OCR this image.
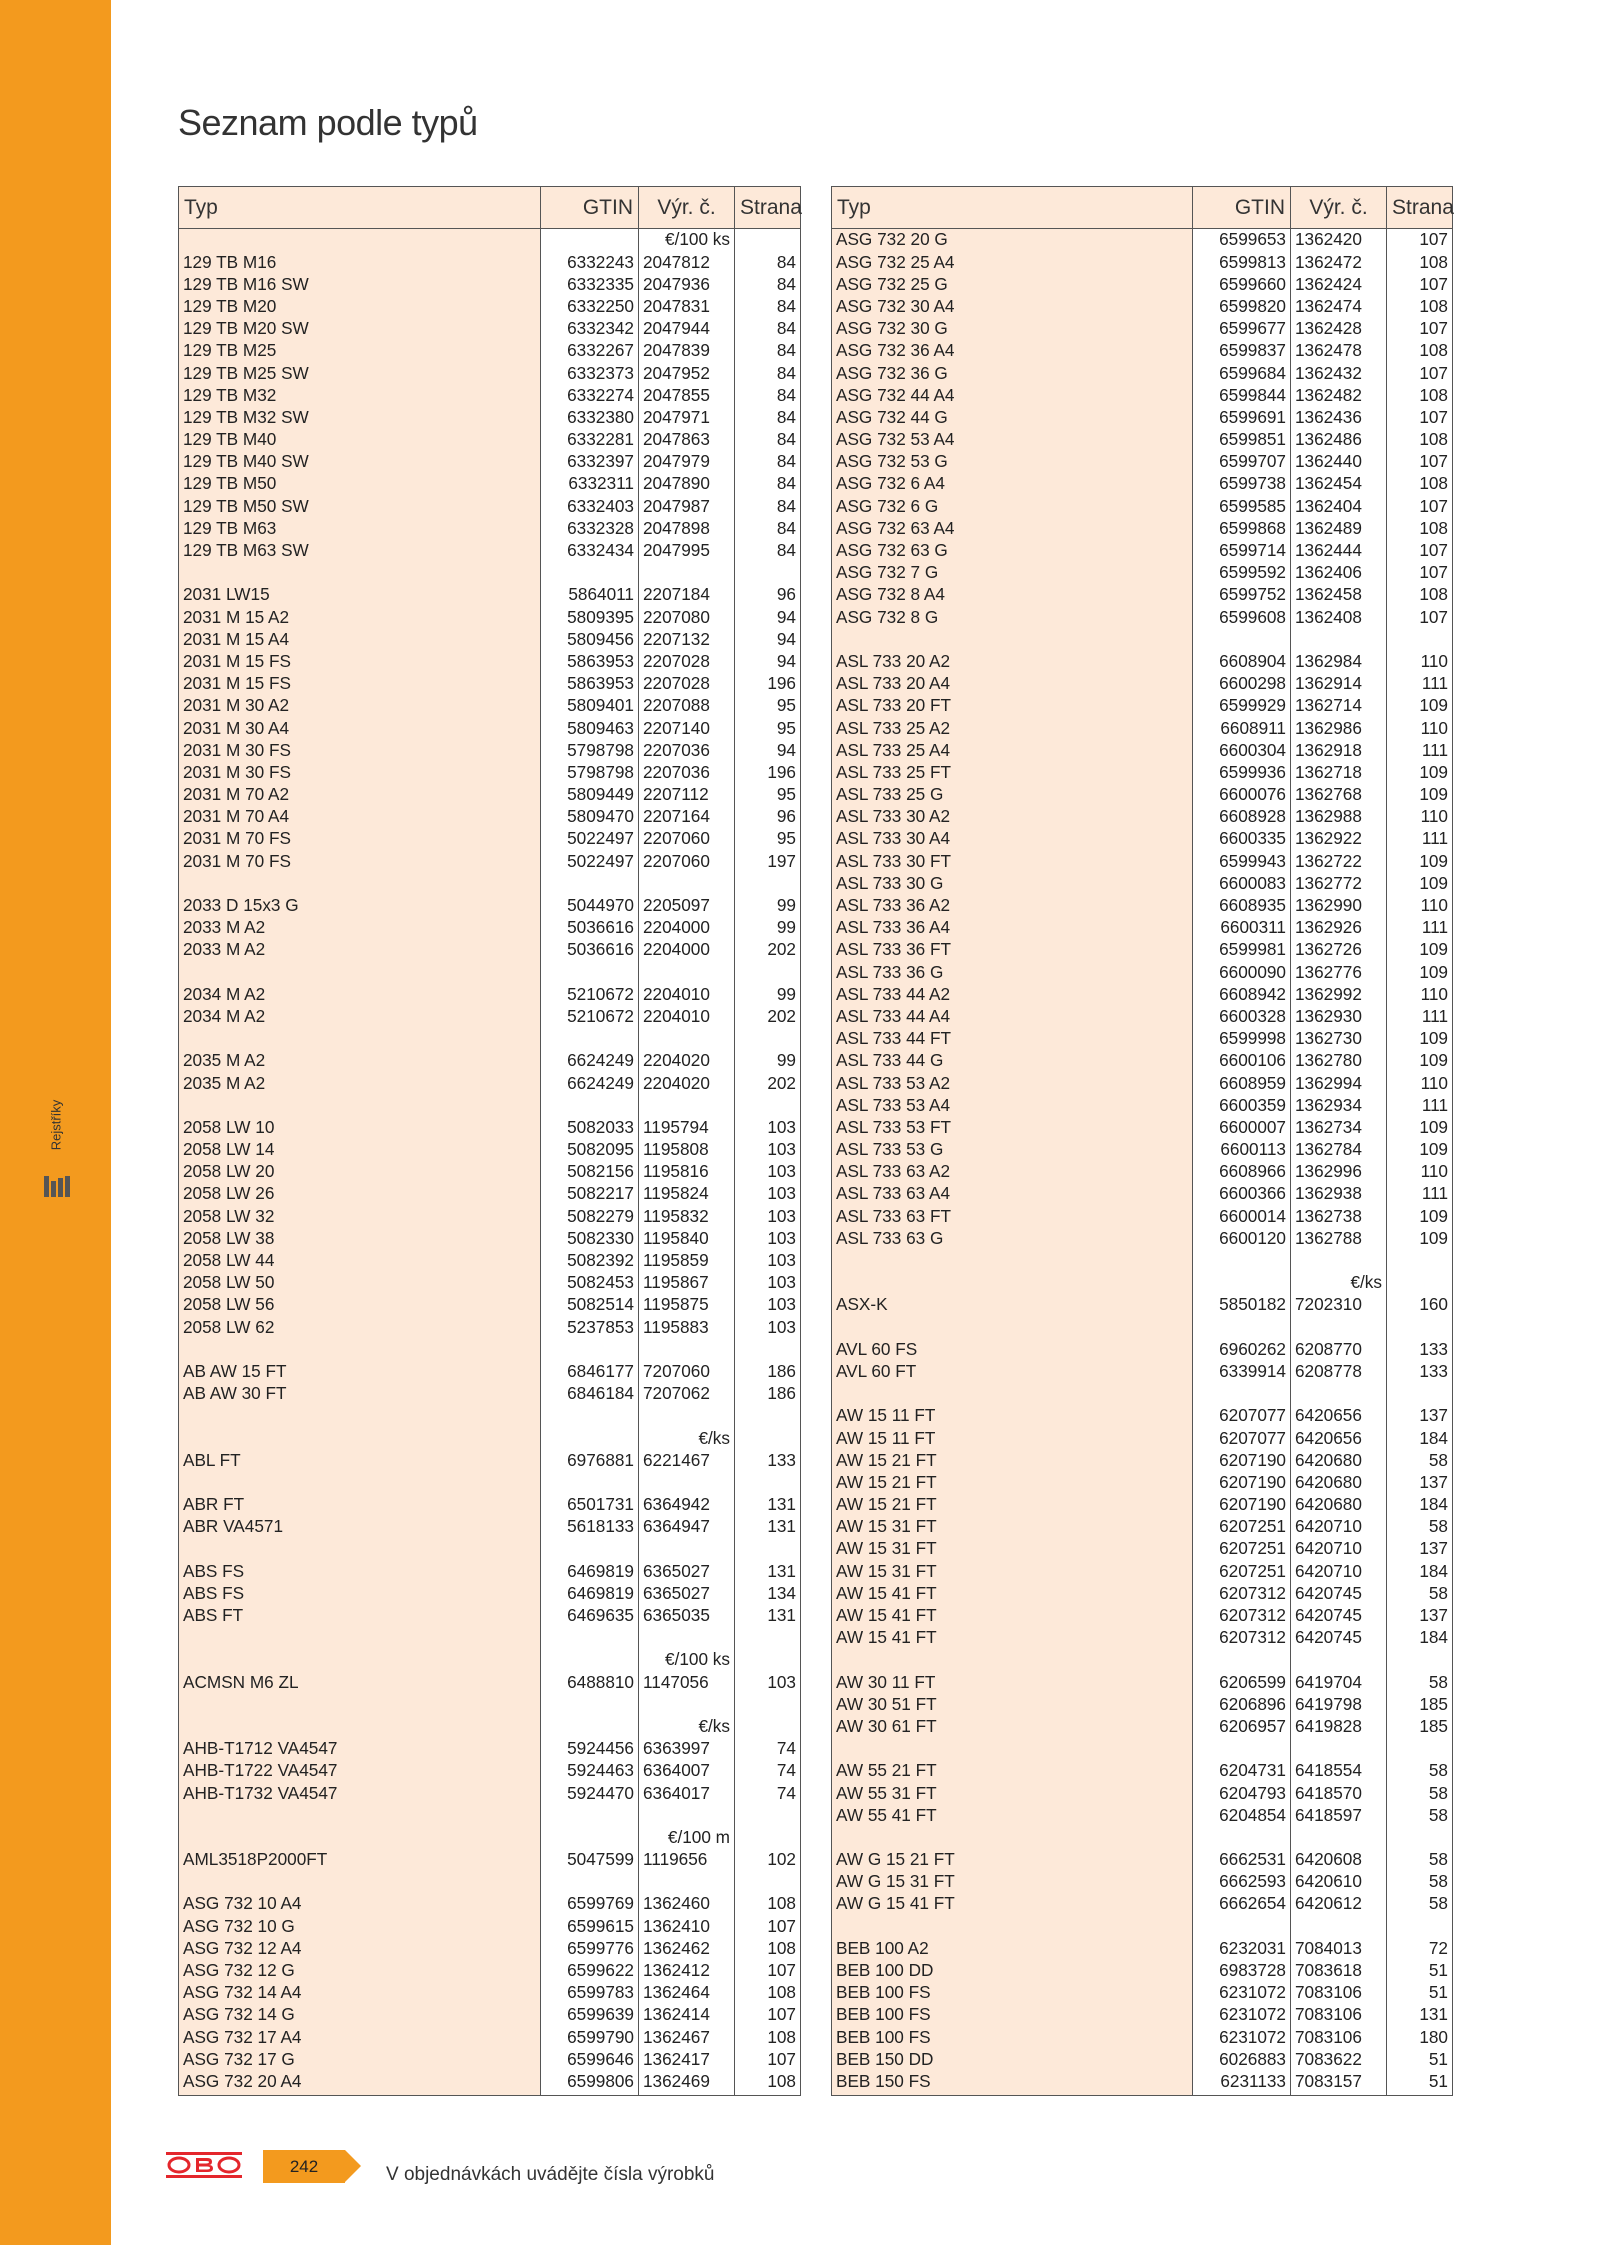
Rejstříky
Seznam podle typů
Typ	GTIN	Výr. č.	Strana
		€/100 ks	
129 TB M16	6332243	2047812	84
129 TB M16 SW	6332335	2047936	84
129 TB M20	6332250	2047831	84
129 TB M20 SW	6332342	2047944	84
129 TB M25	6332267	2047839	84
129 TB M25 SW	6332373	2047952	84
129 TB M32	6332274	2047855	84
129 TB M32 SW	6332380	2047971	84
129 TB M40	6332281	2047863	84
129 TB M40 SW	6332397	2047979	84
129 TB M50	6332311	2047890	84
129 TB M50 SW	6332403	2047987	84
129 TB M63	6332328	2047898	84
129 TB M63 SW	6332434	2047995	84

2031 LW15	5864011	2207184	96
2031 M 15 A2	5809395	2207080	94
2031 M 15 A4	5809456	2207132	94
2031 M 15 FS	5863953	2207028	94
2031 M 15 FS	5863953	2207028	196
2031 M 30 A2	5809401	2207088	95
2031 M 30 A4	5809463	2207140	95
2031 M 30 FS	5798798	2207036	94
2031 M 30 FS	5798798	2207036	196
2031 M 70 A2	5809449	2207112	95
2031 M 70 A4	5809470	2207164	96
2031 M 70 FS	5022497	2207060	95
2031 M 70 FS	5022497	2207060	197

2033 D 15x3 G	5044970	2205097	99
2033 M A2	5036616	2204000	99
2033 M A2	5036616	2204000	202

2034 M A2	5210672	2204010	99
2034 M A2	5210672	2204010	202

2035 M A2	6624249	2204020	99
2035 M A2	6624249	2204020	202

2058 LW 10	5082033	1195794	103
2058 LW 14	5082095	1195808	103
2058 LW 20	5082156	1195816	103
2058 LW 26	5082217	1195824	103
2058 LW 32	5082279	1195832	103
2058 LW 38	5082330	1195840	103
2058 LW 44	5082392	1195859	103
2058 LW 50	5082453	1195867	103
2058 LW 56	5082514	1195875	103
2058 LW 62	5237853	1195883	103

AB AW 15 FT	6846177	7207060	186
AB AW 30 FT	6846184	7207062	186

		€/ks	
ABL FT	6976881	6221467	133

ABR FT	6501731	6364942	131
ABR VA4571	5618133	6364947	131

ABS FS	6469819	6365027	131
ABS FS	6469819	6365027	134
ABS FT	6469635	6365035	131

		€/100 ks	
ACMSN M6 ZL	6488810	1147056	103

		€/ks	
AHB-T1712 VA4547	5924456	6363997	74
AHB-T1722 VA4547	5924463	6364007	74
AHB-T1732 VA4547	5924470	6364017	74

		€/100 m	
AML3518P2000FT	5047599	1119656	102

ASG 732 10 A4	6599769	1362460	108
ASG 732 10 G	6599615	1362410	107
ASG 732 12 A4	6599776	1362462	108
ASG 732 12 G	6599622	1362412	107
ASG 732 14 A4	6599783	1362464	108
ASG 732 14 G	6599639	1362414	107
ASG 732 17 A4	6599790	1362467	108
ASG 732 17 G	6599646	1362417	107
ASG 732 20 A4	6599806	1362469	108
Typ	GTIN	Výr. č.	Strana
ASG 732 20 G	6599653	1362420	107
ASG 732 25 A4	6599813	1362472	108
ASG 732 25 G	6599660	1362424	107
ASG 732 30 A4	6599820	1362474	108
ASG 732 30 G	6599677	1362428	107
ASG 732 36 A4	6599837	1362478	108
ASG 732 36 G	6599684	1362432	107
ASG 732 44 A4	6599844	1362482	108
ASG 732 44 G	6599691	1362436	107
ASG 732 53 A4	6599851	1362486	108
ASG 732 53 G	6599707	1362440	107
ASG 732 6 A4	6599738	1362454	108
ASG 732 6 G	6599585	1362404	107
ASG 732 63 A4	6599868	1362489	108
ASG 732 63 G	6599714	1362444	107
ASG 732 7 G	6599592	1362406	107
ASG 732 8 A4	6599752	1362458	108
ASG 732 8 G	6599608	1362408	107

ASL 733 20 A2	6608904	1362984	110
ASL 733 20 A4	6600298	1362914	111
ASL 733 20 FT	6599929	1362714	109
ASL 733 25 A2	6608911	1362986	110
ASL 733 25 A4	6600304	1362918	111
ASL 733 25 FT	6599936	1362718	109
ASL 733 25 G	6600076	1362768	109
ASL 733 30 A2	6608928	1362988	110
ASL 733 30 A4	6600335	1362922	111
ASL 733 30 FT	6599943	1362722	109
ASL 733 30 G	6600083	1362772	109
ASL 733 36 A2	6608935	1362990	110
ASL 733 36 A4	6600311	1362926	111
ASL 733 36 FT	6599981	1362726	109
ASL 733 36 G	6600090	1362776	109
ASL 733 44 A2	6608942	1362992	110
ASL 733 44 A4	6600328	1362930	111
ASL 733 44 FT	6599998	1362730	109
ASL 733 44 G	6600106	1362780	109
ASL 733 53 A2	6608959	1362994	110
ASL 733 53 A4	6600359	1362934	111
ASL 733 53 FT	6600007	1362734	109
ASL 733 53 G	6600113	1362784	109
ASL 733 63 A2	6608966	1362996	110
ASL 733 63 A4	6600366	1362938	111
ASL 733 63 FT	6600014	1362738	109
ASL 733 63 G	6600120	1362788	109

		€/ks	
ASX-K	5850182	7202310	160

AVL 60 FS	6960262	6208770	133
AVL 60 FT	6339914	6208778	133

AW 15 11 FT	6207077	6420656	137
AW 15 11 FT	6207077	6420656	184
AW 15 21 FT	6207190	6420680	58
AW 15 21 FT	6207190	6420680	137
AW 15 21 FT	6207190	6420680	184
AW 15 31 FT	6207251	6420710	58
AW 15 31 FT	6207251	6420710	137
AW 15 31 FT	6207251	6420710	184
AW 15 41 FT	6207312	6420745	58
AW 15 41 FT	6207312	6420745	137
AW 15 41 FT	6207312	6420745	184

AW 30 11 FT	6206599	6419704	58
AW 30 51 FT	6206896	6419798	185
AW 30 61 FT	6206957	6419828	185

AW 55 21 FT	6204731	6418554	58
AW 55 31 FT	6204793	6418570	58
AW 55 41 FT	6204854	6418597	58

AW G 15 21 FT	6662531	6420608	58
AW G 15 31 FT	6662593	6420610	58
AW G 15 41 FT	6662654	6420612	58

BEB 100 A2	6232031	7084013	72
BEB 100 DD	6983728	7083618	51
BEB 100 FS	6231072	7083106	51
BEB 100 FS	6231072	7083106	131
BEB 100 FS	6231072	7083106	180
BEB 150 DD	6026883	7083622	51
BEB 150 FS	6231133	7083157	51
242	V objednávkách uvádějte čísla výrobků
